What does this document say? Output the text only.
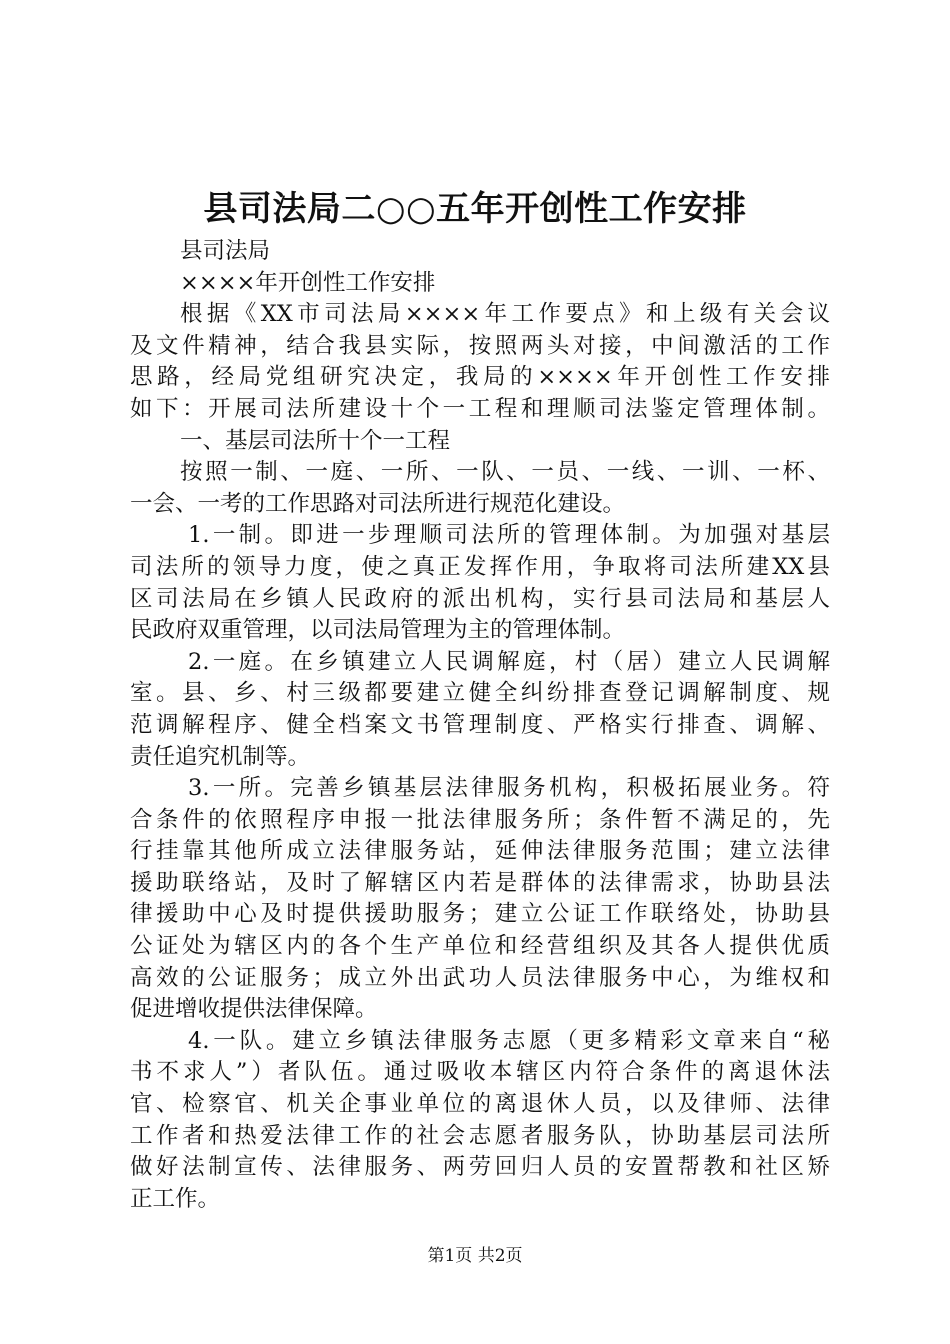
县司法局二○○五年开创性工作安排
县司法局
××××年开创性工作安排
根据《XX市司法局××××年工作要点》和上级有关会议
及文件精神，结合我县实际，按照两头对接，中间激活的工作
思路，经局党组研究决定，我局的××××年开创性工作安排
如下：开展司法所建设十个一工程和理顺司法鉴定管理体制。
一、基层司法所十个一工程
按照一制、一庭、一所、一队、一员、一线、一训、一杯、
一会、一考的工作思路对司法所进行规范化建设。
1.一制。即进一步理顺司法所的管理体制。为加强对基层
司法所的领导力度，使之真正发挥作用，争取将司法所建XX县
区司法局在乡镇人民政府的派出机构，实行县司法局和基层人
民政府双重管理，以司法局管理为主的管理体制。
2.一庭。在乡镇建立人民调解庭，村（居）建立人民调解
室。县、乡、村三级都要建立健全纠纷排查登记调解制度、规
范调解程序、健全档案文书管理制度、严格实行排查、调解、
责任追究机制等。
3.一所。完善乡镇基层法律服务机构，积极拓展业务。符
合条件的依照程序申报一批法律服务所；条件暂不满足的，先
行挂靠其他所成立法律服务站，延伸法律服务范围；建立法律
援助联络站，及时了解辖区内若是群体的法律需求，协助县法
律援助中心及时提供援助服务；建立公证工作联络处，协助县
公证处为辖区内的各个生产单位和经营组织及其各人提供优质
高效的公证服务；成立外出武功人员法律服务中心，为维权和
促进增收提供法律保障。
4.一队。建立乡镇法律服务志愿（更多精彩文章来自“秘
书不求人”）者队伍。通过吸收本辖区内符合条件的离退休法
官、检察官、机关企事业单位的离退休人员，以及律师、法律
工作者和热爱法律工作的社会志愿者服务队，协助基层司法所
做好法制宣传、法律服务、两劳回归人员的安置帮教和社区矫
正工作。
第1页 共2页
